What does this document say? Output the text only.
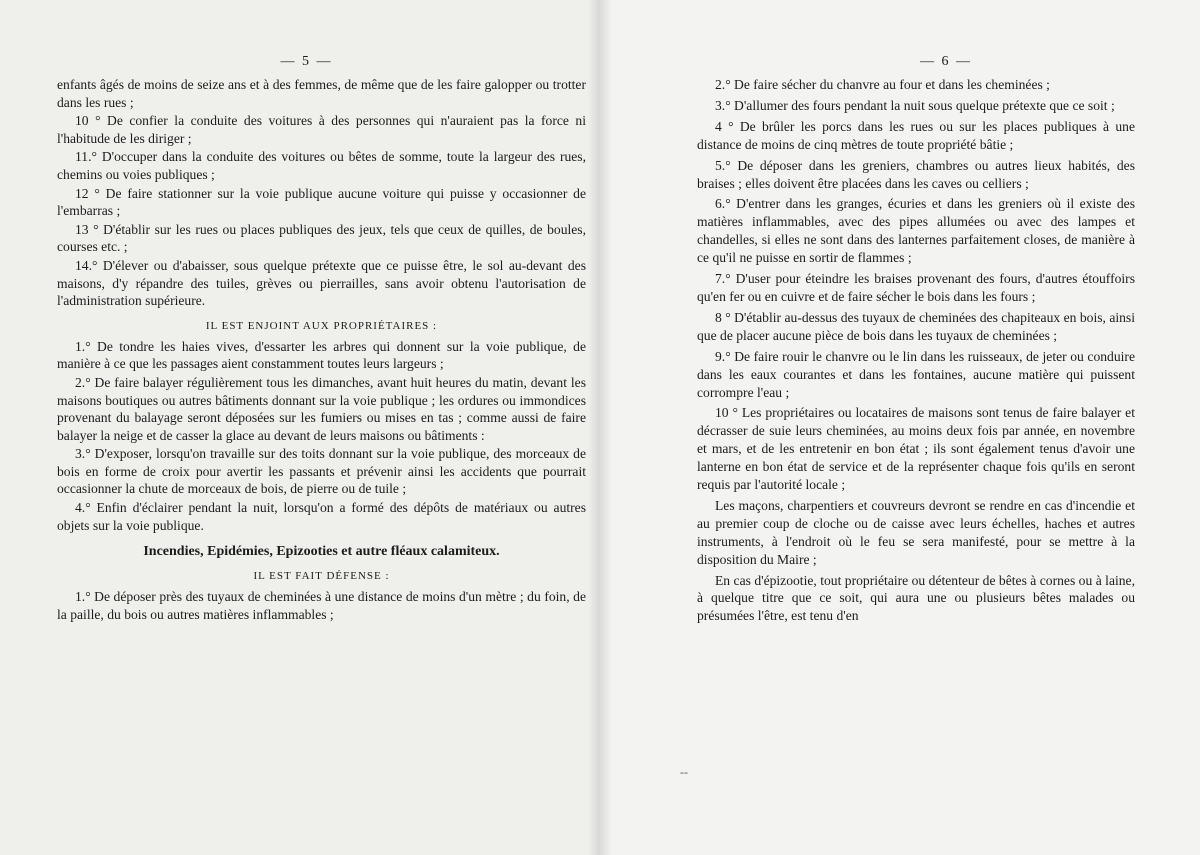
— 5 —

enfants âgés de moins de seize ans et à des femmes, de même que de les faire galopper ou trotter dans les rues ;

10 ° De confier la conduite des voitures à des personnes qui n'auraient pas la force ni l'habitude de les diriger ;

11.° D'occuper dans la conduite des voitures ou bêtes de somme, toute la largeur des rues, chemins ou voies publiques ;

12 ° De faire stationner sur la voie publique aucune voiture qui puisse y occasionner de l'embarras ;

13 ° D'établir sur les rues ou places publiques des jeux, tels que ceux de quilles, de boules, courses etc. ;

14.° D'élever ou d'abaisser, sous quelque prétexte que ce puisse être, le sol au-devant des maisons, d'y répandre des tuiles, grèves ou pierrailles, sans avoir obtenu l'autorisation de l'administration supérieure.

IL EST ENJOINT AUX PROPRIÉTAIRES :

1.° De tondre les haies vives, d'essarter les arbres qui donnent sur la voie publique, de manière à ce que les passages aient constamment toutes leurs largeurs ;

2.° De faire balayer régulièrement tous les dimanches, avant huit heures du matin, devant les maisons boutiques ou autres bâtiments donnant sur la voie publique ; les ordures ou immondices provenant du balayage seront déposées sur les fumiers ou mises en tas ; comme aussi de faire balayer la neige et de casser la glace au devant de leurs maisons ou bâtiments :

3.° D'exposer, lorsqu'on travaille sur des toits donnant sur la voie publique, des morceaux de bois en forme de croix pour avertir les passants et prévenir ainsi les accidents que pourrait occasionner la chute de morceaux de bois, de pierre ou de tuile ;

4.° Enfin d'éclairer pendant la nuit, lorsqu'on a formé des dépôts de matériaux ou autres objets sur la voie publique.

Incendies, Epidémies, Epizooties et autre fléaux calamiteux.
IL EST FAIT DÉFENSE :

1.° De déposer près des tuyaux de cheminées à une distance de moins d'un mètre ; du foin, de la paille, du bois ou autres matières inflammables ;

— 6 —

2.° De faire sécher du chanvre au four et dans les cheminées ;

3.° D'allumer des fours pendant la nuit sous quelque prétexte que ce soit ;

4 ° De brûler les porcs dans les rues ou sur les places publiques à une distance de moins de cinq mètres de toute propriété bâtie ;

5.° De déposer dans les greniers, chambres ou autres lieux habités, des braises ; elles doivent être placées dans les caves ou celliers ;

6.° D'entrer dans les granges, écuries et dans les greniers où il existe des matières inflammables, avec des pipes allumées ou avec des lampes et chandelles, si elles ne sont dans des lanternes parfaitement closes, de manière à ce qu'il ne puisse en sortir de flammes ;

7.° D'user pour éteindre les braises provenant des fours, d'autres étouffoirs qu'en fer ou en cuivre et de faire sécher le bois dans les fours ;

8 ° D'établir au-dessus des tuyaux de cheminées des chapiteaux en bois, ainsi que de placer aucune pièce de bois dans les tuyaux de cheminées ;

9.° De faire rouir le chanvre ou le lin dans les ruisseaux, de jeter ou conduire dans les eaux courantes et dans les fontaines, aucune matière qui puissent corrompre l'eau ;

10 ° Les propriétaires ou locataires de maisons sont tenus de faire balayer et décrasser de suie leurs cheminées, au moins deux fois par année, en novembre et mars, et de les entretenir en bon état ; ils sont également tenus d'avoir une lanterne en bon état de service et de la représenter chaque fois qu'ils en seront requis par l'autorité locale ;

Les maçons, charpentiers et couvreurs devront se rendre en cas d'incendie et au premier coup de cloche ou de caisse avec leurs échelles, haches et autres instruments, à l'endroit où le feu se sera manifesté, pour se mettre à la disposition du Maire ;

En cas d'épizootie, tout propriétaire ou détenteur de bêtes à cornes ou à laine, à quelque titre que ce soit, qui aura une ou plusieurs bêtes malades ou présumées l'être, est tenu d'en

--
